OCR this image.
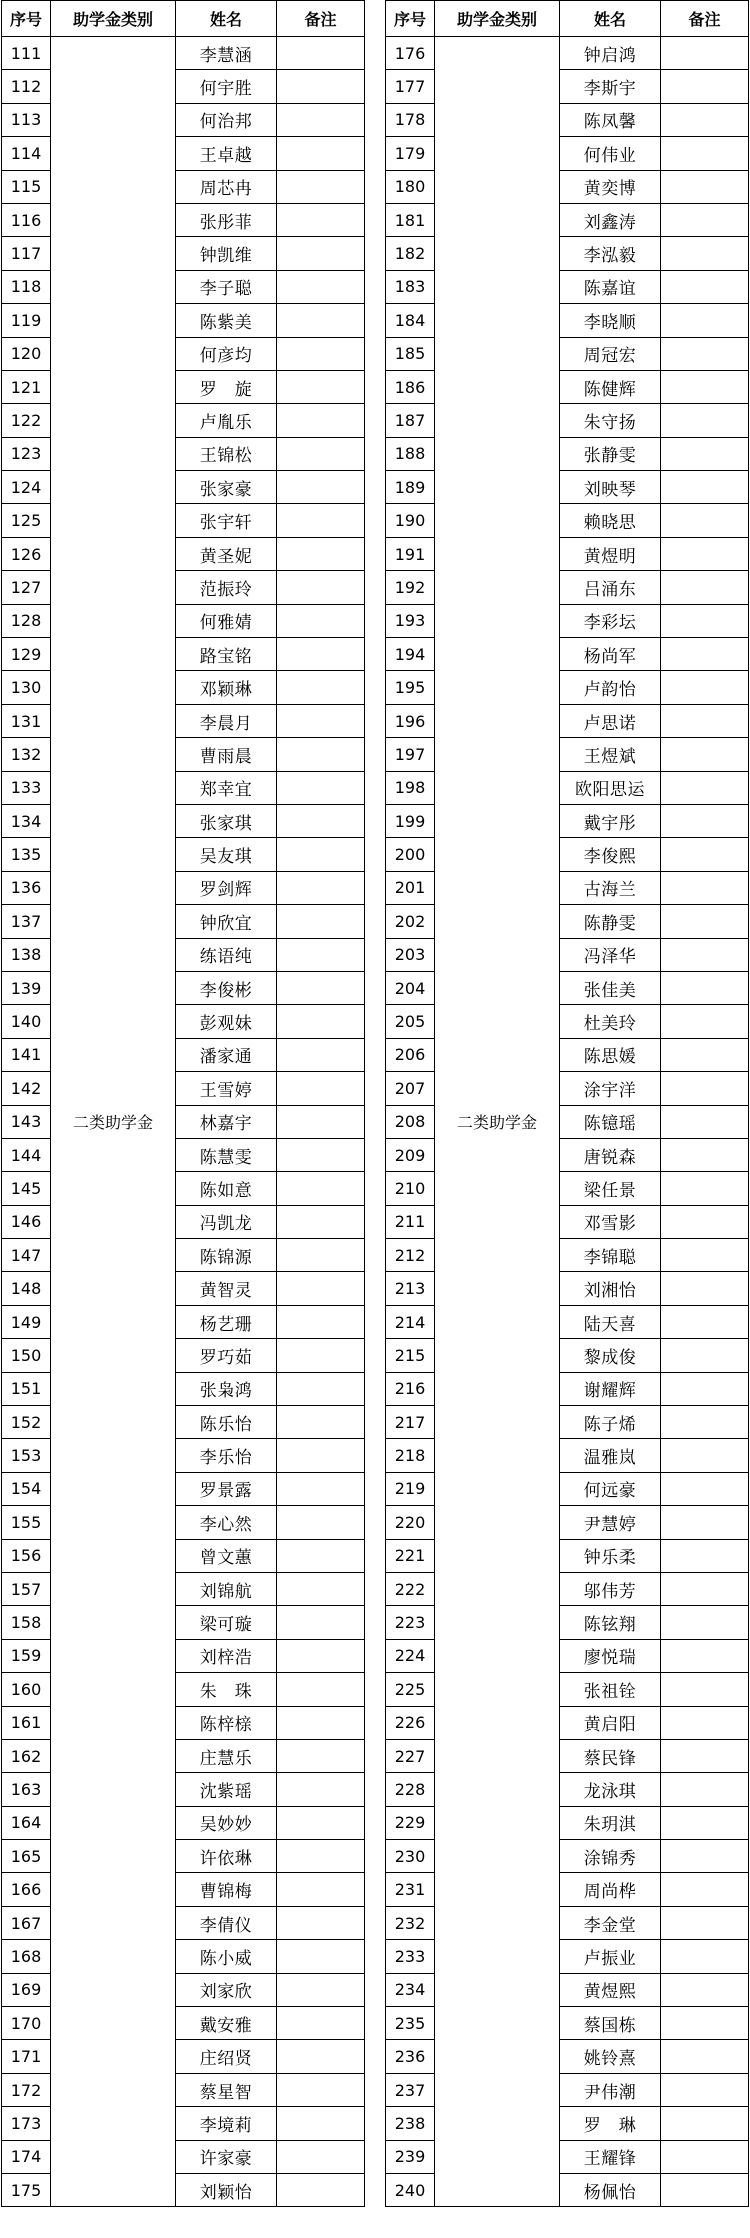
序号	助学金类别	姓名	备注
111	二类助学金	李慧涵	
112		何宇胜	
113		何治邦	
114		王卓越	
115		周芯冉	
116		张彤菲	
117		钟凯维	
118		李子聪	
119		陈紫美	
120		何彦均	
121		罗　旋	
122		卢胤乐	
123		王锦松	
124		张家豪	
125		张宇轩	
126		黄圣妮	
127		范振玲	
128		何雅婧	
129		路宝铭	
130		邓颖琳	
131		李晨月	
132		曹雨晨	
133		郑幸宜	
134		张家琪	
135		吴友琪	
136		罗剑辉	
137		钟欣宜	
138		练语纯	
139		李俊彬	
140		彭观妹	
141		潘家通	
142		王雪婷	
143		林嘉宇	
144		陈慧雯	
145		陈如意	
146		冯凯龙	
147		陈锦源	
148		黄智灵	
149		杨艺珊	
150		罗巧茹	
151		张枭鸿	
152		陈乐怡	
153		李乐怡	
154		罗景露	
155		李心然	
156		曾文蕙	
157		刘锦航	
158		梁可璇	
159		刘梓浩	
160		朱　珠	
161		陈梓榇	
162		庄慧乐	
163		沈紫瑶	
164		吴妙妙	
165		许依琳	
166		曹锦梅	
167		李倩仪	
168		陈小威	
169		刘家欣	
170		戴安雅	
171		庄绍贤	
172		蔡星智	
173		李境莉	
174		许家豪	
175		刘颖怡	
序号	助学金类别	姓名	备注
176	二类助学金	钟启鸿	
177		李斯宇	
178		陈凤馨	
179		何伟业	
180		黄奕博	
181		刘鑫涛	
182		李泓毅	
183		陈嘉谊	
184		李晓顺	
185		周冠宏	
186		陈健辉	
187		朱守扬	
188		张静雯	
189		刘映琴	
190		赖晓思	
191		黄煜明	
192		吕涌东	
193		李彩坛	
194		杨尚军	
195		卢韵怡	
196		卢思诺	
197		王煜斌	
198		欧阳思运	
199		戴宇彤	
200		李俊熙	
201		古海兰	
202		陈静雯	
203		冯泽华	
204		张佳美	
205		杜美玲	
206		陈思媛	
207		涂宇洋	
208		陈镱瑶	
209		唐锐森	
210		梁任景	
211		邓雪影	
212		李锦聪	
213		刘湘怡	
214		陆天喜	
215		黎成俊	
216		谢耀辉	
217		陈子烯	
218		温雅岚	
219		何远豪	
220		尹慧婷	
221		钟乐柔	
222		邬伟芳	
223		陈铉翔	
224		廖悦瑞	
225		张祖铨	
226		黄启阳	
227		蔡民锋	
228		龙泳琪	
229		朱玥淇	
230		涂锦秀	
231		周尚桦	
232		李金堂	
233		卢振业	
234		黄煜熙	
235		蔡国栋	
236		姚铃熹	
237		尹伟潮	
238		罗　琳	
239		王耀锋	
240		杨佩怡	
